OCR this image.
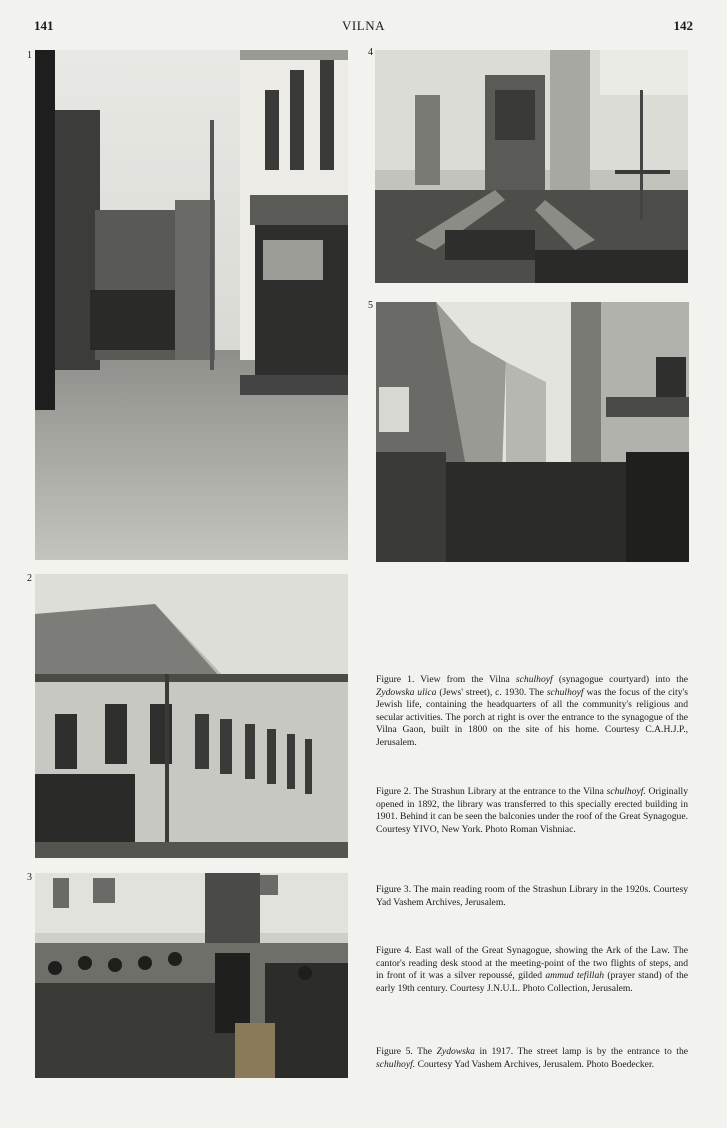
141	VILNA	142
1
2
3
4
5
Figure 1. View from the Vilna schulhoyf (synagogue courtyard) into the Zydowska ulica (Jews' street), c. 1930. The schulhoyf was the focus of the city's Jewish life, containing the headquarters of all the community's religious and secular activities. The porch at right is over the entrance to the synagogue of the Vilna Gaon, built in 1800 on the site of his home. Courtesy C.A.H.J.P., Jerusalem.
Figure 2. The Strashun Library at the entrance to the Vilna schulhoyf. Originally opened in 1892, the library was transferred to this specially erected building in 1901. Behind it can be seen the balconies under the roof of the Great Synagogue. Courtesy YIVO, New York. Photo Roman Vishniac.
Figure 3. The main reading room of the Strashun Library in the 1920s. Courtesy Yad Vashem Archives, Jerusalem.
Figure 4. East wall of the Great Synagogue, showing the Ark of the Law. The cantor's reading desk stood at the meeting-point of the two flights of steps, and in front of it was a silver repoussé, gilded ammud tefillah (prayer stand) of the early 19th century. Courtesy J.N.U.L. Photo Collection, Jerusalem.
Figure 5. The Zydowska in 1917. The street lamp is by the entrance to the schulhoyf. Courtesy Yad Vashem Archives, Jerusalem. Photo Boedecker.
